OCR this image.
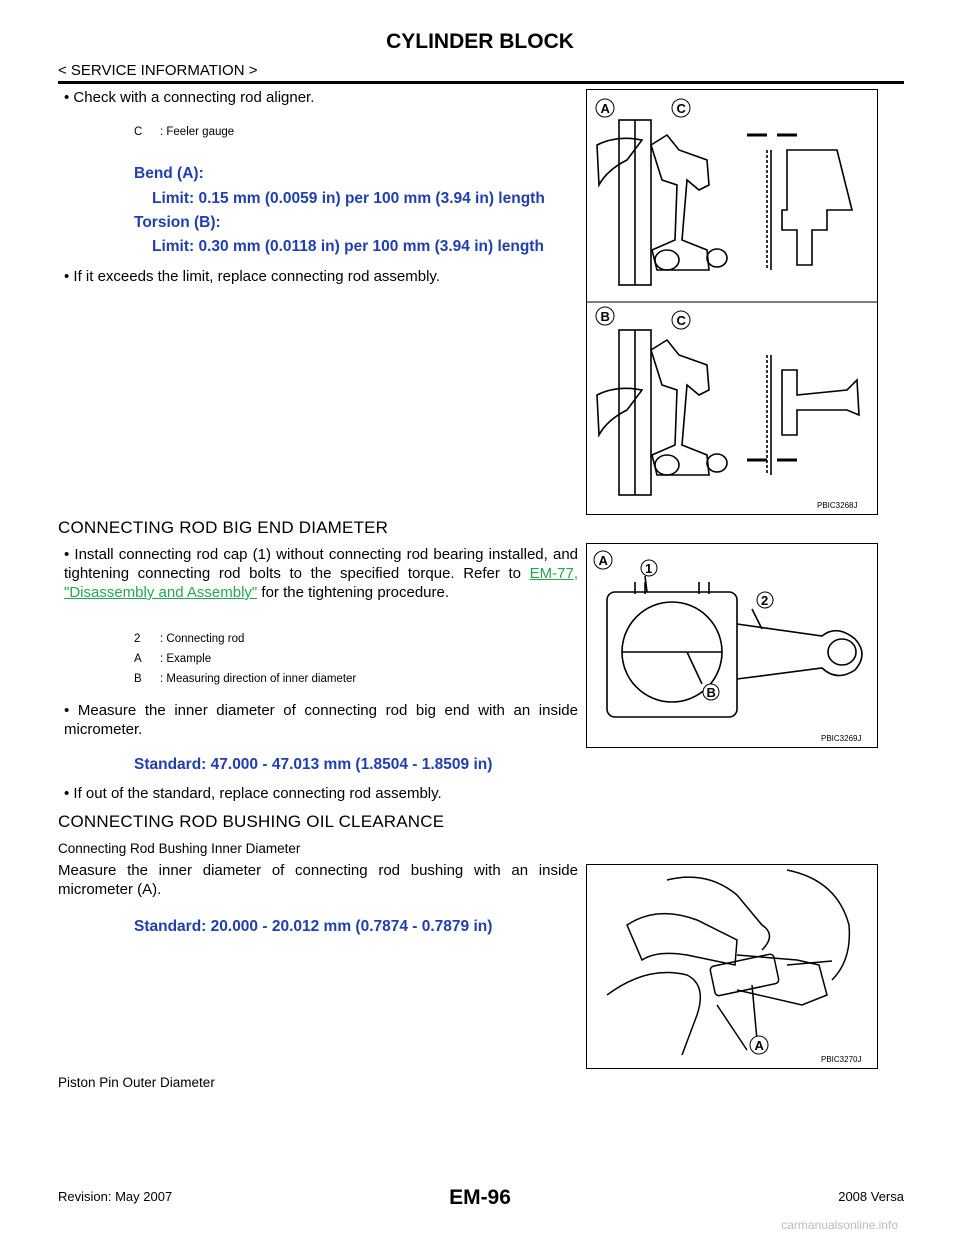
CYLINDER BLOCK
< SERVICE INFORMATION >
• Check with a connecting rod aligner.
C	: Feeler gauge
Bend (A):
Limit: 0.15 mm (0.0059 in) per 100 mm (3.94 in) length
Torsion (B):
Limit: 0.30 mm (0.0118 in) per 100 mm (3.94 in) length
• If it exceeds the limit, replace connecting rod assembly.
A	C
B	C
PBIC3268J
CONNECTING ROD BIG END DIAMETER
• Install connecting rod cap (1) without connecting rod bearing installed, and tightening connecting rod bolts to the specified torque. Refer to EM-77, "Disassembly and Assembly" for the tightening procedure.
2	: Connecting rod
A	: Example
B	: Measuring direction of inner diameter
• Measure the inner diameter of connecting rod big end with an inside micrometer.
Standard: 47.000 - 47.013 mm (1.8504 - 1.8509 in)
• If out of the standard, replace connecting rod assembly.
A
1
2
B
PBIC3269J
CONNECTING ROD BUSHING OIL CLEARANCE
Connecting Rod Bushing Inner Diameter
Measure the inner diameter of connecting rod bushing with an inside micrometer (A).
Standard: 20.000 - 20.012 mm (0.7874 - 0.7879 in)
Piston Pin Outer Diameter
A
PBIC3270J
EM-96
Revision: May 2007	2008 Versa
carmanualsonline.info
